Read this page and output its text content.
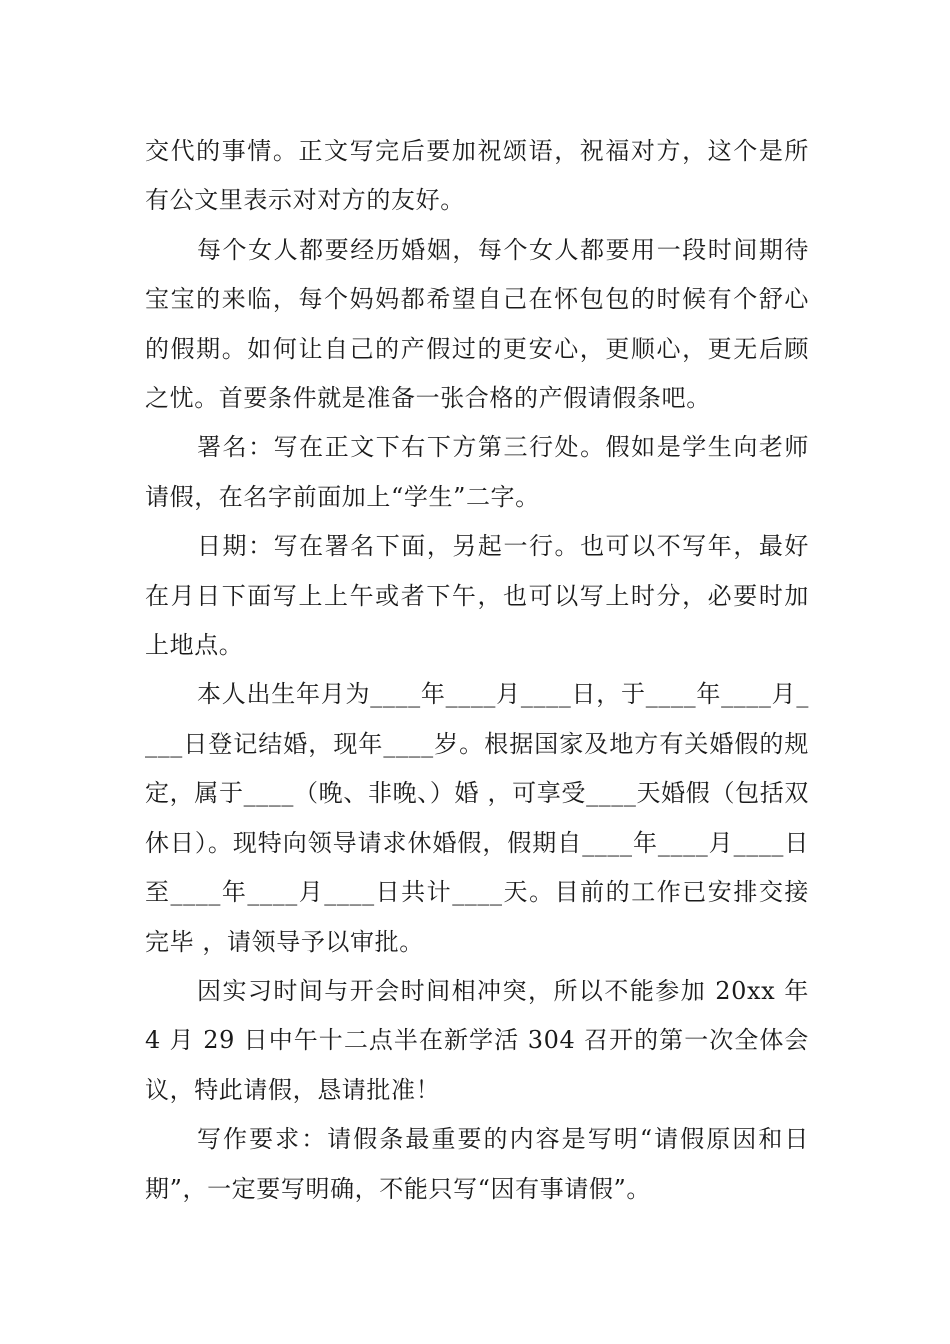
交代的事情。正文写完后要加祝颂语，祝福对方，这个是所有公文里表示对对方的友好。

每个女人都要经历婚姻，每个女人都要用一段时间期待宝宝的来临，每个妈妈都希望自己在怀包包的时候有个舒心的假期。如何让自己的产假过的更安心，更顺心，更无后顾之忧。首要条件就是准备一张合格的产假请假条吧。

署名：写在正文下右下方第三行处。假如是学生向老师请假，在名字前面加上“学生”二字。

日期：写在署名下面，另起一行。也可以不写年，最好在月日下面写上上午或者下午，也可以写上时分，必要时加上地点。

本人出生年月为____年____月____日，于____年____月____日登记结婚，现年____岁。根据国家及地方有关婚假的规定，属于____（晚、非晚、）婚 ，可享受____天婚假（包括双休日）。现特向领导请求休婚假，假期自____年____月____日至____年____月____日共计____天。目前的工作已安排交接完毕 ，请领导予以审批。

因实习时间与开会时间相冲突，所以不能参加 20xx 年 4 月 29 日中午十二点半在新学活 304 召开的第一次全体会议，特此请假，恳请批准！

写作要求：请假条最重要的内容是写明“请假原因和日期”，一定要写明确，不能只写“因有事请假”。
